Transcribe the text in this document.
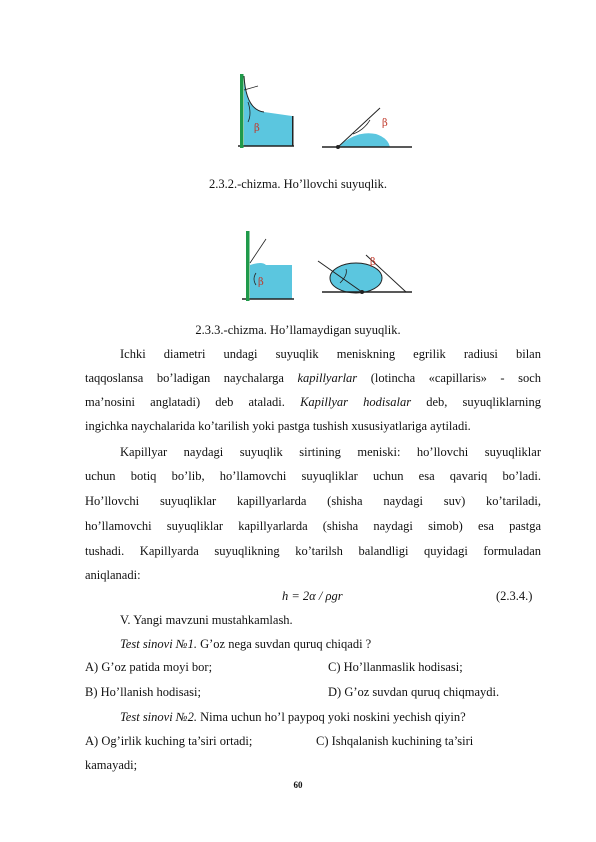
β	β
2.3.2.-chizma. Ho’llovchi suyuqlik.
β
β
2.3.3.-chizma. Ho’llamaydigan suyuqlik.
Ichki diametri undagi suyuqlik meniskning egrilik radiusi bilan
taqqoslansa bo’ladigan naychalarga kapillyarlar (lotincha «capillaris» - soch
ma’nosini anglatadi) deb ataladi. Kapillyar hodisalar deb, suyuqliklarning
ingichka naychalarida ko’tarilish yoki pastga tushish xususiyatlariga aytiladi.
Kapillyar naydagi suyuqlik sirtining meniski: ho’llovchi suyuqliklar
uchun botiq bo’lib, ho’llamovchi suyuqliklar uchun esa qavariq bo’ladi.
Ho’llovchi suyuqliklar kapillyarlarda (shisha naydagi suv) ko’tariladi,
ho’llamovchi suyuqliklar kapillyarlarda (shisha naydagi simob) esa pastga
tushadi. Kapillyarda suyuqlikning ko’tarilsh balandligi quyidagi formuladan
aniqlanadi:
h = 2α / ρgr	(2.3.4.)
V. Yangi mavzuni mustahkamlash.
Test sinovi №1. G’oz nega suvdan quruq chiqadi ?
A) G’oz patida moyi bor;	C) Ho’llanmaslik hodisasi;
B) Ho’llanish hodisasi;	D) G’oz suvdan quruq chiqmaydi.
Test sinovi №2. Nima uchun ho’l paypoq yoki noskini yechish qiyin?
A) Og’irlik kuching ta’siri ortadi;	C) Ishqalanish kuchining ta’siri
kamayadi;
60
